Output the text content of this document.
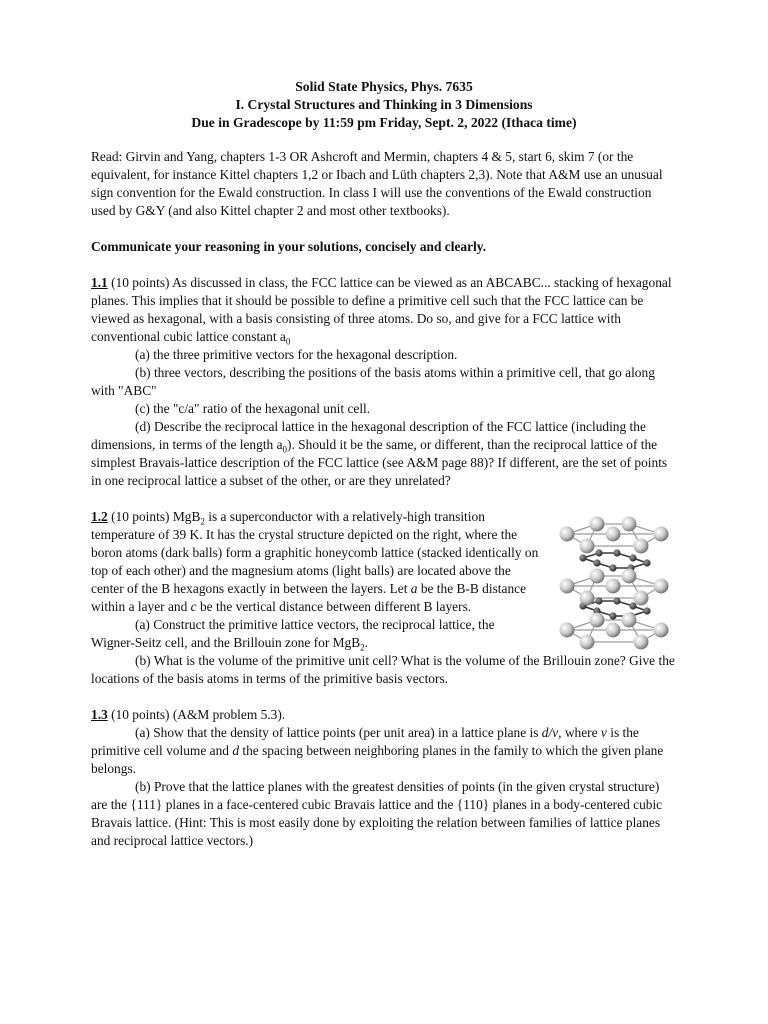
Solid State Physics, Phys. 7635
I. Crystal Structures and Thinking in 3 Dimensions
Due in Gradescope by 11:59 pm Friday, Sept. 2, 2022 (Ithaca time)

Read: Girvin and Yang, chapters 1-3 OR Ashcroft and Mermin, chapters 4 & 5, start 6, skim 7 (or the equivalent, for instance Kittel chapters 1,2 or Ibach and Lüth chapters 2,3). Note that A&M use an unusual sign convention for the Ewald construction. In class I will use the conventions of the Ewald construction used by G&Y (and also Kittel chapter 2 and most other textbooks).

Communicate your reasoning in your solutions, concisely and clearly.

1.1 (10 points) As discussed in class, the FCC lattice can be viewed as an ABCABC... stacking of hexagonal planes. This implies that it should be possible to define a primitive cell such that the FCC lattice can be viewed as hexagonal, with a basis consisting of three atoms. Do so, and give for a FCC lattice with conventional cubic lattice constant $a_0$

(a) the three primitive vectors for the hexagonal description.

(b) three vectors, describing the positions of the basis atoms within a primitive cell, that go along with "ABC"

(c) the "c/a" ratio of the hexagonal unit cell.

(d) Describe the reciprocal lattice in the hexagonal description of the FCC lattice (including the dimensions, in terms of the length $a_0$). Should it be the same, or different, than the reciprocal lattice of the simplest Bravais-lattice description of the FCC lattice (see A&M page 88)? If different, are the set of points in one reciprocal lattice a subset of the other, or are they unrelated?

1.2 (10 points) MgB$_2$ is a superconductor with a relatively-high transition temperature of 39 K. It has the crystal structure depicted on the right, where the boron atoms (dark balls) form a graphitic honeycomb lattice (stacked identically on top of each other) and the magnesium atoms (light balls) are located above the center of the B hexagons exactly in between the layers. Let a be the B-B distance within a layer and c be the vertical distance between different B layers.

(a) Construct the primitive lattice vectors, the reciprocal lattice, the Wigner-Seitz cell, and the Brillouin zone for MgB$_2$.

(b) What is the volume of the primitive unit cell? What is the volume of the Brillouin zone? Give the locations of the basis atoms in terms of the primitive basis vectors.

1.3 (10 points) (A&M problem 5.3).

(a) Show that the density of lattice points (per unit area) in a lattice plane is d/v, where v is the primitive cell volume and d the spacing between neighboring planes in the family to which the given plane belongs.

(b) Prove that the lattice planes with the greatest densities of points (in the given crystal structure) are the {111} planes in a face-centered cubic Bravais lattice and the {110} planes in a body-centered cubic Bravais lattice. (Hint: This is most easily done by exploiting the relation between families of lattice planes and reciprocal lattice vectors.)
